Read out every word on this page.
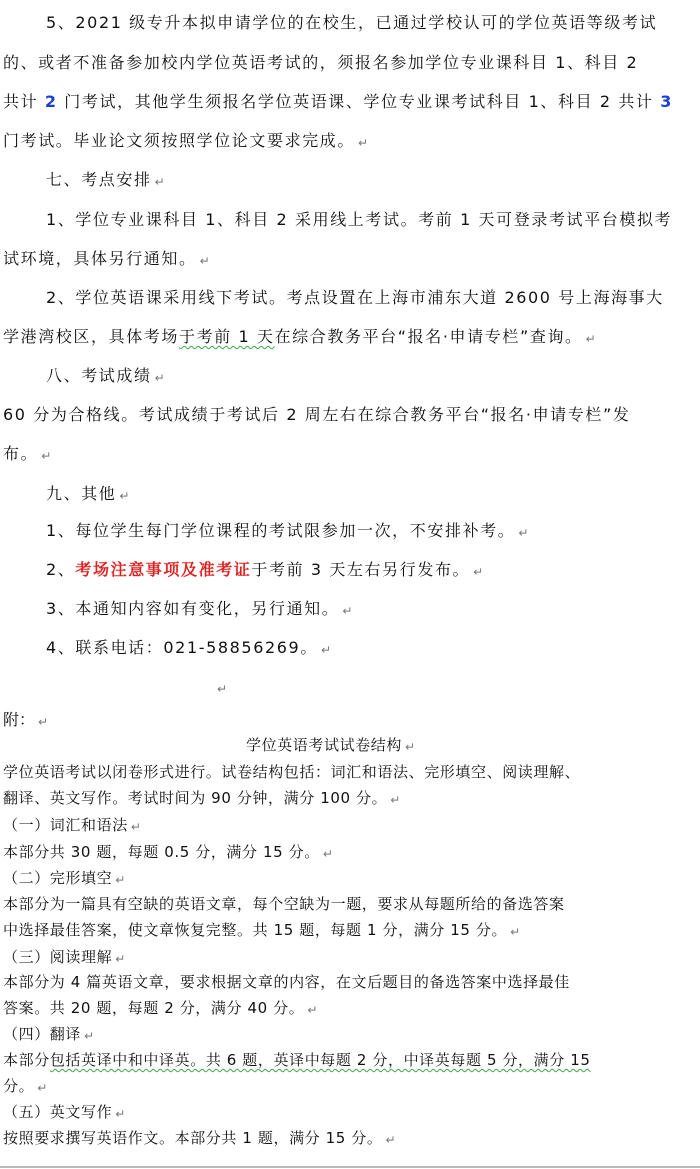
5、2021 级专升本拟申请学位的在校生，已通过学校认可的学位英语等级考试
的、或者不准备参加校内学位英语考试的，须报名参加学位专业课科目 1、科目 2
共计 2 门考试，其他学生须报名学位英语课、学位专业课考试科目 1、科目 2 共计 3
门考试。毕业论文须按照学位论文要求完成。 ↵
七、考点安排 ↵
1、学位专业课科目 1、科目 2 采用线上考试。考前 1 天可登录考试平台模拟考
试环境，具体另行通知。 ↵
2、学位英语课采用线下考试。考点设置在上海市浦东大道 2600 号上海海事大
学港湾校区，具体考场于考前 1 天在综合教务平台“报名·申请专栏”查询。 ↵
八、考试成绩 ↵
60 分为合格线。考试成绩于考试后 2 周左右在综合教务平台“报名·申请专栏”发
布。 ↵
九、其他 ↵
1、每位学生每门学位课程的考试限参加一次，不安排补考。 ↵
2、考场注意事项及准考证于考前 3 天左右另行发布。 ↵
3、本通知内容如有变化，另行通知。 ↵
4、联系电话：021-58856269。 ↵
↵
附： ↵
学位英语考试试卷结构 ↵
学位英语考试以闭卷形式进行。试卷结构包括：词汇和语法、完形填空、阅读理解、
翻译、英文写作。考试时间为 90 分钟，满分 100 分。 ↵
（一）词汇和语法 ↵
本部分共 30 题，每题 0.5 分，满分 15 分。 ↵
（二）完形填空 ↵
本部分为一篇具有空缺的英语文章，每个空缺为一题，要求从每题所给的备选答案
中选择最佳答案，使文章恢复完整。共 15 题，每题 1 分，满分 15 分。 ↵
（三）阅读理解 ↵
本部分为 4 篇英语文章，要求根据文章的内容，在文后题目的备选答案中选择最佳
答案。共 20 题，每题 2 分，满分 40 分。 ↵
（四）翻译 ↵
本部分包括英译中和中译英。共 6 题，英译中每题 2 分，中译英每题 5 分，满分 15
分。 ↵
（五）英文写作 ↵
按照要求撰写英语作文。本部分共 1 题，满分 15 分。 ↵
